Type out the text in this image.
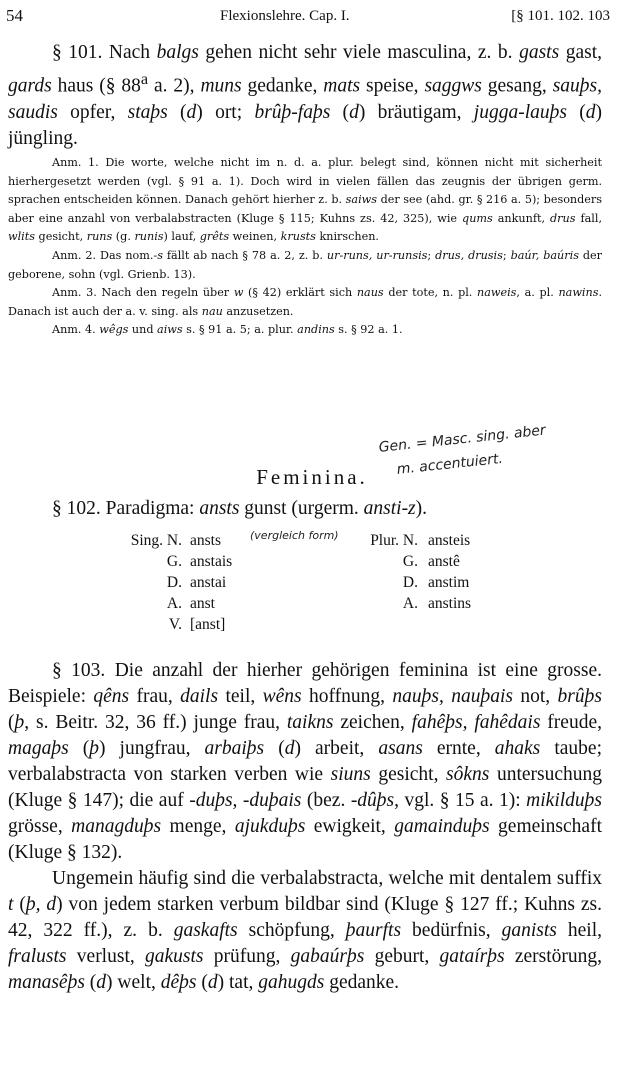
54	Flexionslehre. Cap. I.	[§ 101. 102. 103

§ 101. Nach balgs gehen nicht sehr viele masculina, z. b. gasts gast, gards haus (§ 88$^a$ a. 2), muns gedanke, mats speise, saggws gesang, sauþs, saudis opfer, staþs (d) ort; brûþ-faþs (d) bräutigam, jugga-lauþs (d) jüngling.

Anm. 1. Die worte, welche nicht im n. d. a. plur. belegt sind, können nicht mit sicherheit hierhergesetzt werden (vgl. § 91 a. 1). Doch wird in vielen fällen das zeugnis der übrigen germ. sprachen entscheiden können. Danach gehört hierher z. b. saiws der see (ahd. gr. § 216 a. 5); besonders aber eine anzahl von verbalabstracten (Kluge § 115; Kuhns zs. 42, 325), wie qums ankunft, drus fall, wlits gesicht, runs (g. runis) lauf, grêts weinen, krusts knirschen.

Anm. 2. Das nom.-s fällt ab nach § 78 a. 2, z. b. ur-runs, ur-runsis; drus, drusis; baúr, baúris der geborene, sohn (vgl. Grienb. 13).

Anm. 3. Nach den regeln über w (§ 42) erklärt sich naus der tote, n. pl. naweis, a. pl. nawins. Danach ist auch der a. v. sing. als nau anzusetzen.

Anm. 4. wêgs und aiws s. § 91 a. 5; a. plur. andins s. § 92 a. 1.

Gen. = Masc. sing. aber
m. accentuiert.
Feminina.

§ 102. Paradigma: ansts gunst (urgerm. ansti-z).

(vergleich form)
Sing. N. ansts	Plur. N. ansteis
G. anstais	G. anstê
D. anstai	D. anstim
A. anst	A. anstins
V. [anst]

§ 103. Die anzahl der hierher gehörigen feminina ist eine grosse. Beispiele: qêns frau, dails teil, wêns hoffnung, nauþs, nauþais not, brûþs (þ, s. Beitr. 32, 36 ff.) junge frau, taikns zeichen, fahêþs, fahêdais freude, magaþs (þ) jungfrau, arbaiþs (d) arbeit, asans ernte, ahaks taube; verbalabstracta von starken verben wie siuns gesicht, sôkns untersuchung (Kluge § 147); die auf -duþs, -duþais (bez. -dûþs, vgl. § 15 a. 1): mikilduþs grösse, managduþs menge, ajukduþs ewigkeit, gamainduþs gemeinschaft (Kluge § 132).

Ungemein häufig sind die verbalabstracta, welche mit dentalem suffix t (þ, d) von jedem starken verbum bildbar sind (Kluge § 127 ff.; Kuhns zs. 42, 322 ff.), z. b. gaskafts schöpfung, þaurfts bedürfnis, ganists heil, fralusts verlust, gakusts prüfung, gabaúrþs geburt, gataírþs zerstörung, manasêþs (d) welt, dêþs (d) tat, gahugds gedanke.
